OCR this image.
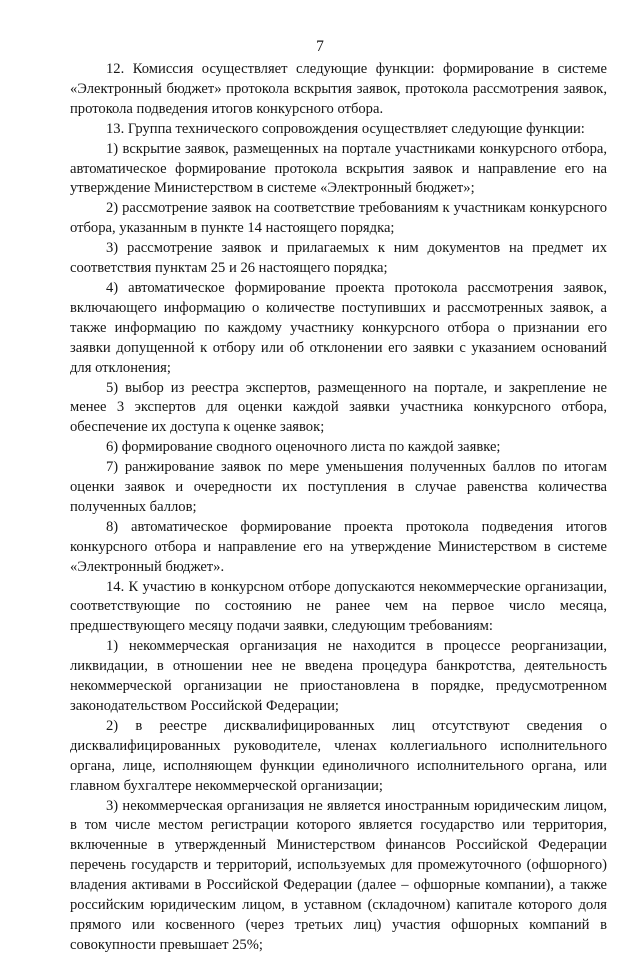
7

12. Комиссия осуществляет следующие функции: формирование в системе «Электронный бюджет» протокола вскрытия заявок, протокола рассмотрения заявок, протокола подведения итогов конкурсного отбора.

13. Группа технического сопровождения осуществляет следующие функции:

1) вскрытие заявок, размещенных на портале участниками конкурсного отбора, автоматическое формирование протокола вскрытия заявок и направление его на утверждение Министерством в системе «Электронный бюджет»;

2) рассмотрение заявок на соответствие требованиям к участникам конкурсного отбора, указанным в пункте 14 настоящего порядка;

3) рассмотрение заявок и прилагаемых к ним документов на предмет их соответствия пунктам 25 и 26 настоящего порядка;

4) автоматическое формирование проекта протокола рассмотрения заявок, включающего информацию о количестве поступивших и рассмотренных заявок, а также информацию по каждому участнику конкурсного отбора о признании его заявки допущенной к отбору или об отклонении его заявки с указанием оснований для отклонения;

5) выбор из реестра экспертов, размещенного на портале, и закрепление не менее 3 экспертов для оценки каждой заявки участника конкурсного отбора, обеспечение их доступа к оценке заявок;

6) формирование сводного оценочного листа по каждой заявке;

7) ранжирование заявок по мере уменьшения полученных баллов по итогам оценки заявок и очередности их поступления в случае равенства количества полученных баллов;

8) автоматическое формирование проекта протокола подведения итогов конкурсного отбора и направление его на утверждение Министерством в системе «Электронный бюджет».

14. К участию в конкурсном отборе допускаются некоммерческие организации, соответствующие по состоянию не ранее чем на первое число месяца, предшествующего месяцу подачи заявки, следующим требованиям:

1) некоммерческая организация не находится в процессе реорганизации, ликвидации, в отношении нее не введена процедура банкротства, деятельность некоммерческой организации не приостановлена в порядке, предусмотренном законодательством Российской Федерации;

2) в реестре дисквалифицированных лиц отсутствуют сведения о дисквалифицированных руководителе, членах коллегиального исполнительного органа, лице, исполняющем функции единоличного исполнительного органа, или главном бухгалтере некоммерческой организации;

3) некоммерческая организация не является иностранным юридическим лицом, в том числе местом регистрации которого является государство или территория, включенные в утвержденный Министерством финансов Российской Федерации перечень государств и территорий, используемых для промежуточного (офшорного) владения активами в Российской Федерации (далее – офшорные компании), а также российским юридическим лицом, в уставном (складочном) капитале которого доля прямого или косвенного (через третьих лиц) участия офшорных компаний в совокупности превышает 25%;
